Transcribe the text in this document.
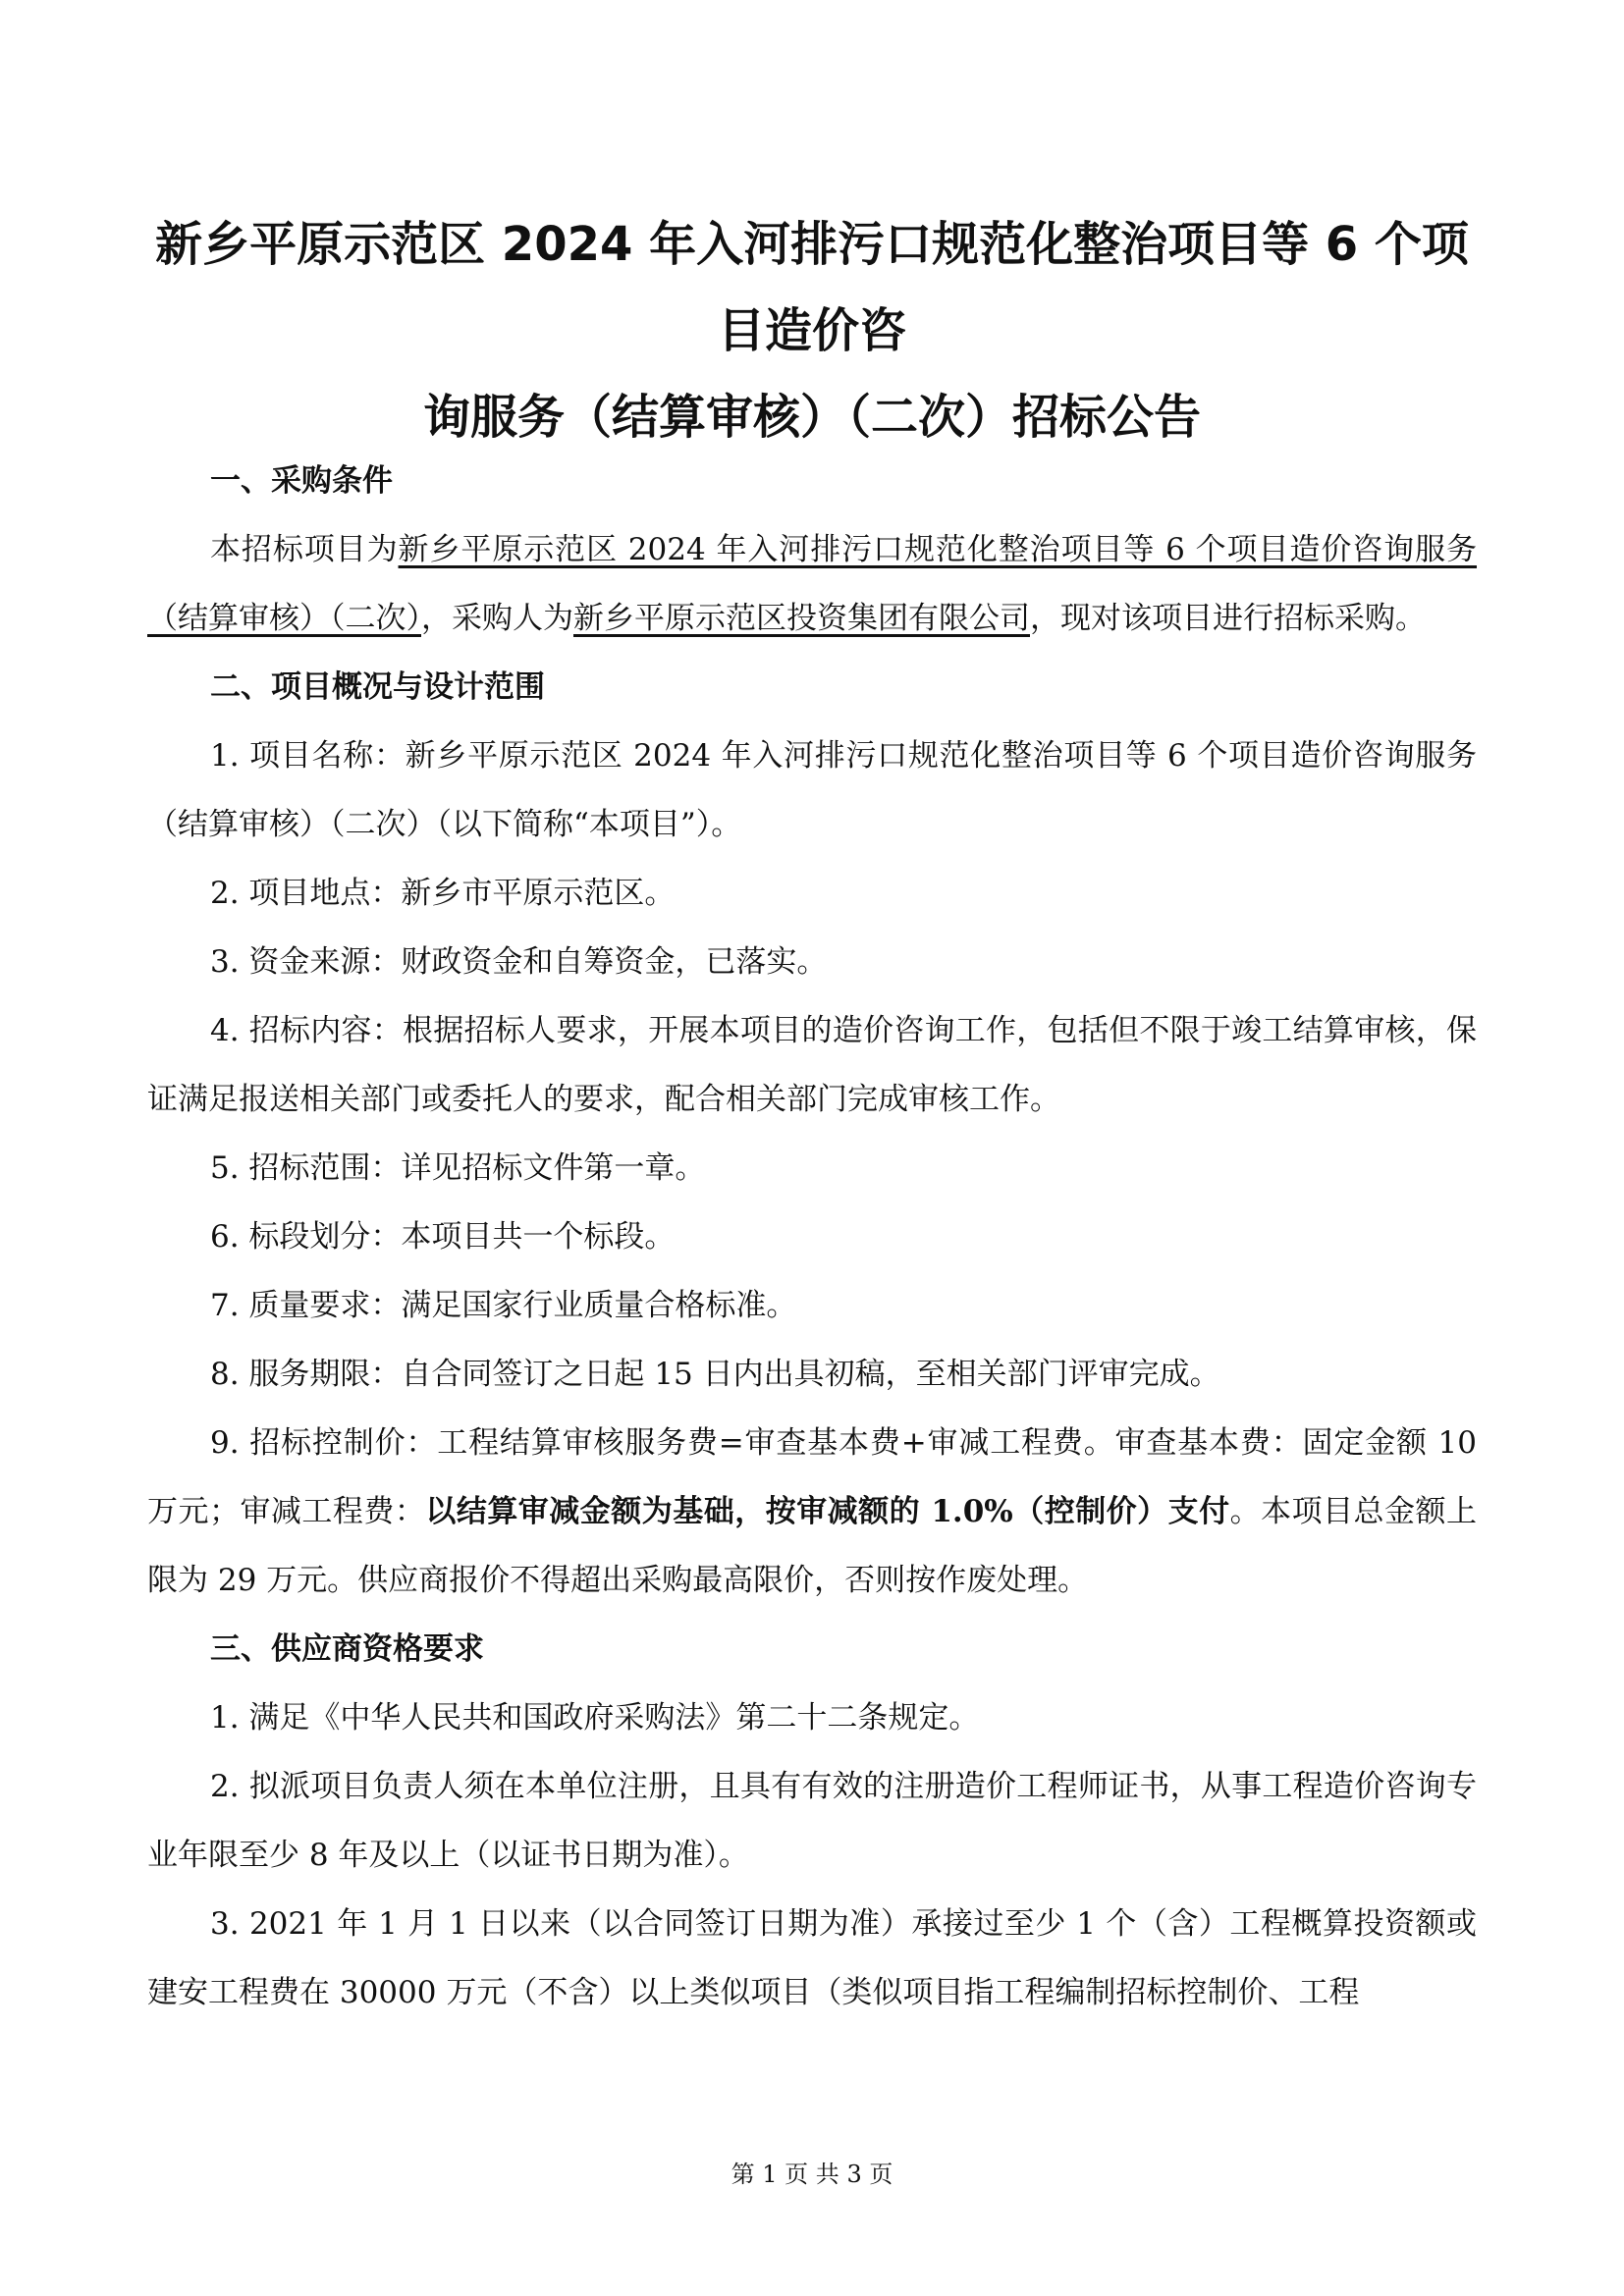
新乡平原示范区 2024 年入河排污口规范化整治项目等 6 个项目造价咨
询服务（结算审核）（二次）招标公告

一、采购条件

本招标项目为新乡平原示范区 2024 年入河排污口规范化整治项目等 6 个项目造价咨询服务（结算审核）（二次），采购人为新乡平原示范区投资集团有限公司，现对该项目进行招标采购。

二、项目概况与设计范围

1. 项目名称：新乡平原示范区 2024 年入河排污口规范化整治项目等 6 个项目造价咨询服务（结算审核）（二次）（以下简称“本项目”）。

2. 项目地点：新乡市平原示范区。

3. 资金来源：财政资金和自筹资金，已落实。

4. 招标内容：根据招标人要求，开展本项目的造价咨询工作，包括但不限于竣工结算审核，保证满足报送相关部门或委托人的要求，配合相关部门完成审核工作。

5. 招标范围：详见招标文件第一章。

6. 标段划分：本项目共一个标段。

7. 质量要求：满足国家行业质量合格标准。

8. 服务期限：自合同签订之日起 15 日内出具初稿，至相关部门评审完成。

9. 招标控制价：工程结算审核服务费=审查基本费+审减工程费。审查基本费：固定金额 10 万元；审减工程费：以结算审减金额为基础，按审减额的 1.0%（控制价）支付。本项目总金额上限为 29 万元。供应商报价不得超出采购最高限价，否则按作废处理。

三、供应商资格要求

1. 满足《中华人民共和国政府采购法》第二十二条规定。

2. 拟派项目负责人须在本单位注册，且具有有效的注册造价工程师证书，从事工程造价咨询专业年限至少 8 年及以上（以证书日期为准）。

3. 2021 年 1 月 1 日以来（以合同签订日期为准）承接过至少 1 个（含）工程概算投资额或建安工程费在 30000 万元（不含）以上类似项目（类似项目指工程编制招标控制价、工程

第 1 页 共 3 页
